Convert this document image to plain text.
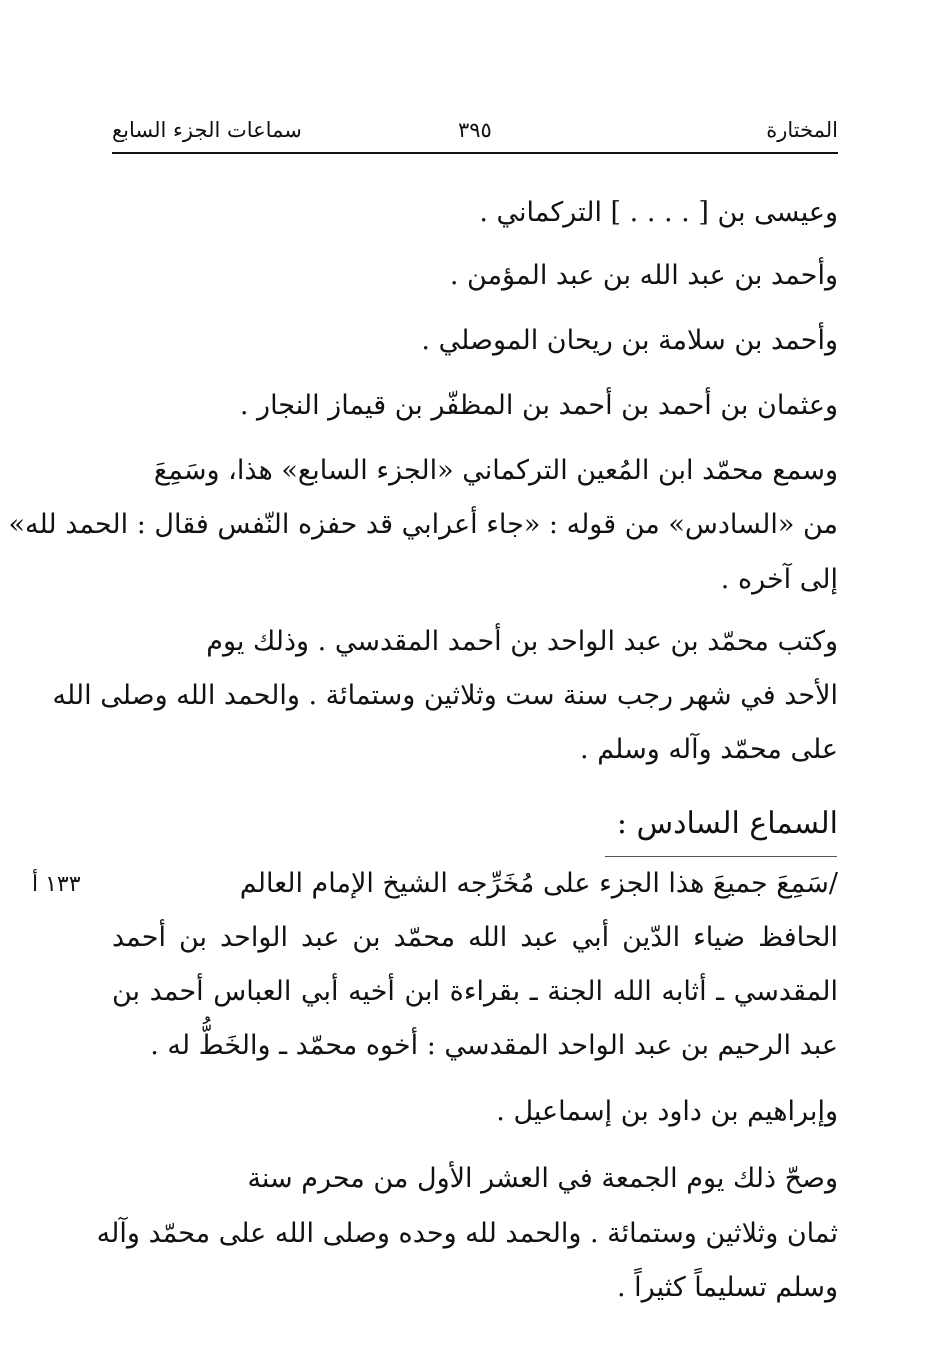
المختارة
٣٩٥
سماعات الجزء السابع

وعيسى بن [ . . . . ] التركماني .

وأحمد بن عبد الله بن عبد المؤمن .

وأحمد بن سلامة بن ريحان الموصلي .

وعثمان بن أحمد بن أحمد بن المظفّر بن قيماز النجار .

وسمع محمّد ابن المُعين التركماني «الجزء السابع» هذا، وسَمِعَ

من «السادس» من قوله : «جاء أعرابي قد حفزه النّفس فقال : الحمد لله»

إلى آخره .

وكتب محمّد بن عبد الواحد بن أحمد المقدسي . وذلك يوم

الأحد في شهر رجب سنة ست وثلاثين وستمائة . والحمد الله وصلى الله

على محمّد وآله وسلم .

السماع السادس :

١٣٣ أ	/سَمِعَ جميعَ هذا الجزء على مُخَرِّجه الشيخ الإمام العالم

الحافظ ضياء الدّين أبي عبد الله محمّد بن عبد الواحد بن أحمد

المقدسي ـ أثابه الله الجنة ـ بقراءة ابن أخيه أبي العباس أحمد بن

عبد الرحيم بن عبد الواحد المقدسي : أخوه محمّد ـ والخَطُّ له .

وإبراهيم بن داود بن إسماعيل .

وصحّ ذلك يوم الجمعة في العشر الأول من محرم سنة

ثمان وثلاثين وستمائة . والحمد لله وحده وصلى الله على محمّد وآله

وسلم تسليماً كثيراً .
